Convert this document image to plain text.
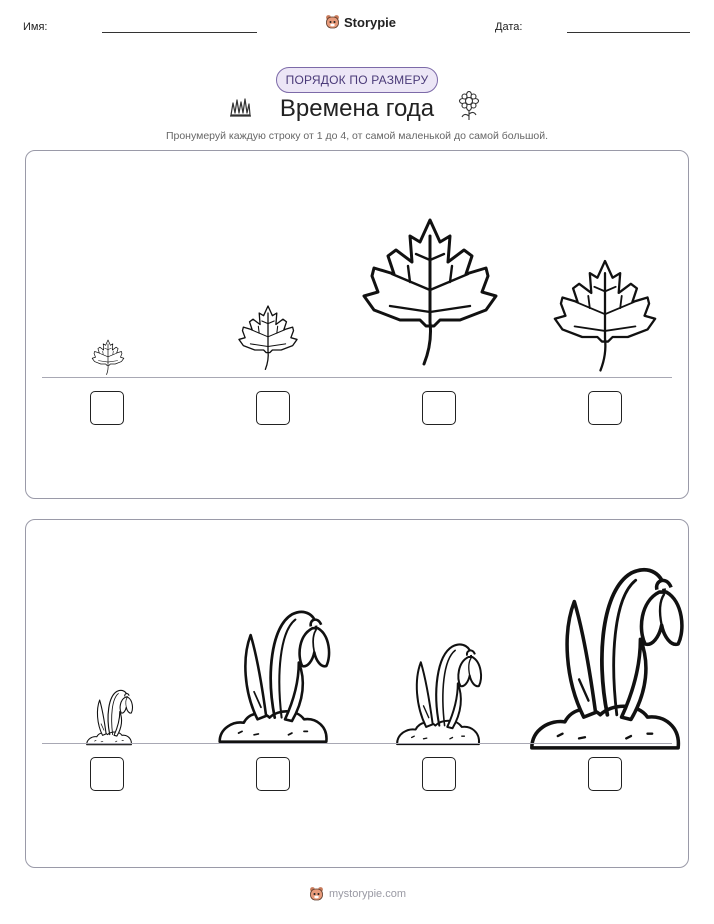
Имя:	Storypie	Дата:
ПОРЯДОК ПО РАЗМЕРУ
Времена года
Пронумеруй каждую строку от 1 до 4, от самой маленькой до самой большой.
mystorypie.com
